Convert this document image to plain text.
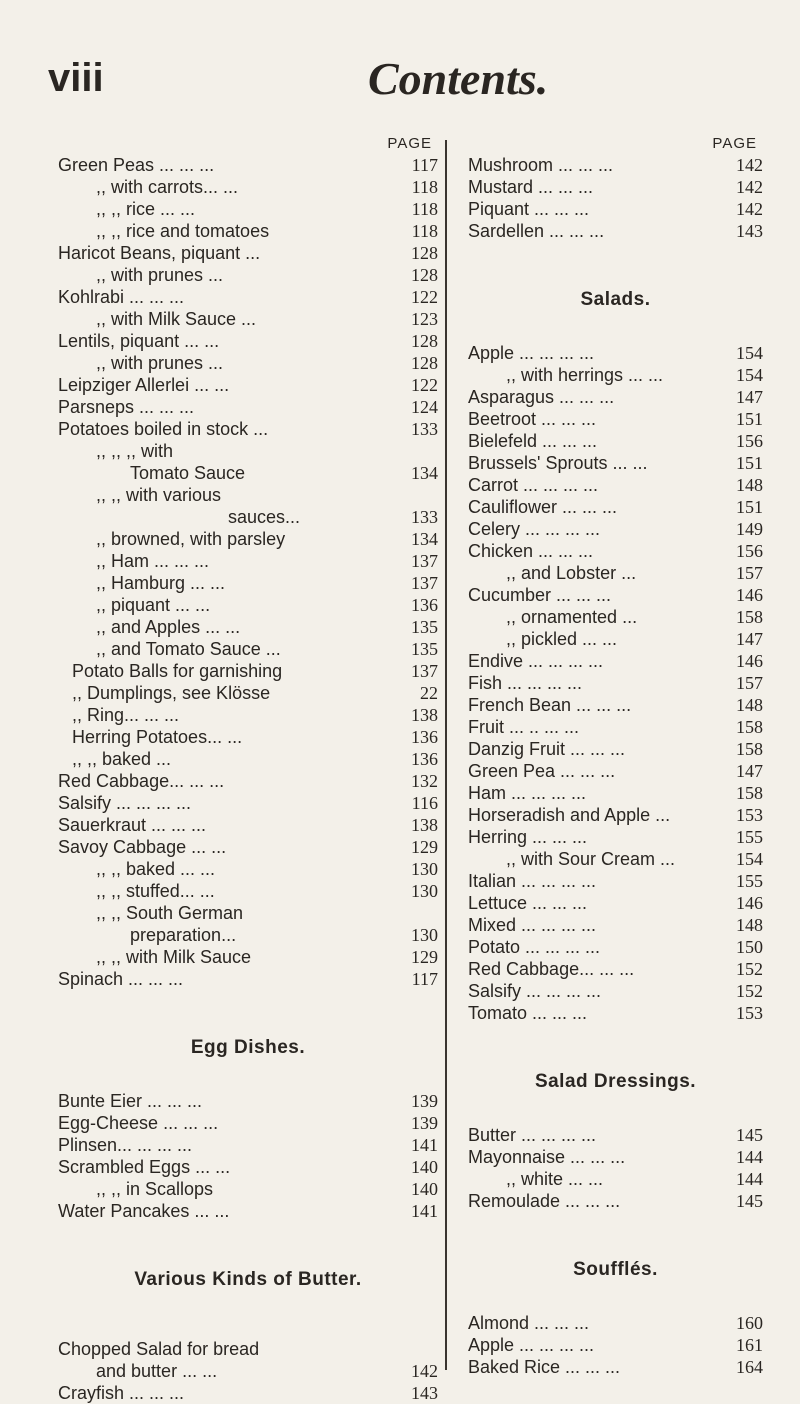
viii	Contents.
PAGE
Green Peas ... ... ...	117
,, with carrots... ...	118
,, ,, rice ... ...	118
,, ,, rice and tomatoes	118
Haricot Beans, piquant ...	128
,, with prunes ...	128
Kohlrabi ... ... ...	122
,, with Milk Sauce ...	123
Lentils, piquant ... ...	128
,, with prunes ...	128
Leipziger Allerlei ... ...	122
Parsneps ... ... ...	124
Potatoes boiled in stock ...	133
,, ,, ,, with
Tomato Sauce	134
,, ,, with various
sauces...	133
,, browned, with parsley	134
,, Ham ... ... ...	137
,, Hamburg ... ...	137
,, piquant ... ...	136
,, and Apples ... ...	135
,, and Tomato Sauce ...	135
Potato Balls for garnishing	137
,, Dumplings, see Klösse	22
,, Ring... ... ...	138
Herring Potatoes... ...	136
,, ,, baked ...	136
Red Cabbage... ... ...	132
Salsify ... ... ... ...	116
Sauerkraut ... ... ...	138
Savoy Cabbage ... ...	129
,, ,, baked ... ...	130
,, ,, stuffed... ...	130
,, ,, South German
preparation...	130
,, ,, with Milk Sauce	129
Spinach ... ... ...	117
Egg Dishes.
Bunte Eier ... ... ...	139
Egg-Cheese ... ... ...	139
Plinsen... ... ... ...	141
Scrambled Eggs ... ...	140
,, ,, in Scallops	140
Water Pancakes ... ...	141
Various Kinds of Butter.
Chopped Salad for bread
and butter ... ...	142
Crayfish ... ... ...	143
PAGE
Mushroom ... ... ...	142
Mustard ... ... ...	142
Piquant ... ... ...	142
Sardellen ... ... ...	143
Salads.
Apple ... ... ... ...	154
,, with herrings ... ...	154
Asparagus ... ... ...	147
Beetroot ... ... ...	151
Bielefeld ... ... ...	156
Brussels' Sprouts ... ...	151
Carrot ... ... ... ...	148
Cauliflower ... ... ...	151
Celery ... ... ... ...	149
Chicken ... ... ...	156
,, and Lobster ...	157
Cucumber ... ... ...	146
,, ornamented ...	158
,, pickled ... ...	147
Endive ... ... ... ...	146
Fish ... ... ... ...	157
French Bean ... ... ...	148
Fruit ... .. ... ...	158
Danzig Fruit ... ... ...	158
Green Pea ... ... ...	147
Ham ... ... ... ...	158
Horseradish and Apple ...	153
Herring ... ... ...	155
,, with Sour Cream ...	154
Italian ... ... ... ...	155
Lettuce ... ... ...	146
Mixed ... ... ... ...	148
Potato ... ... ... ...	150
Red Cabbage... ... ...	152
Salsify ... ... ... ...	152
Tomato ... ... ...	153
Salad Dressings.
Butter ... ... ... ...	145
Mayonnaise ... ... ...	144
,, white ... ...	144
Remoulade ... ... ...	145
Soufflés.
Almond ... ... ...	160
Apple ... ... ... ...	161
Baked Rice ... ... ...	164
